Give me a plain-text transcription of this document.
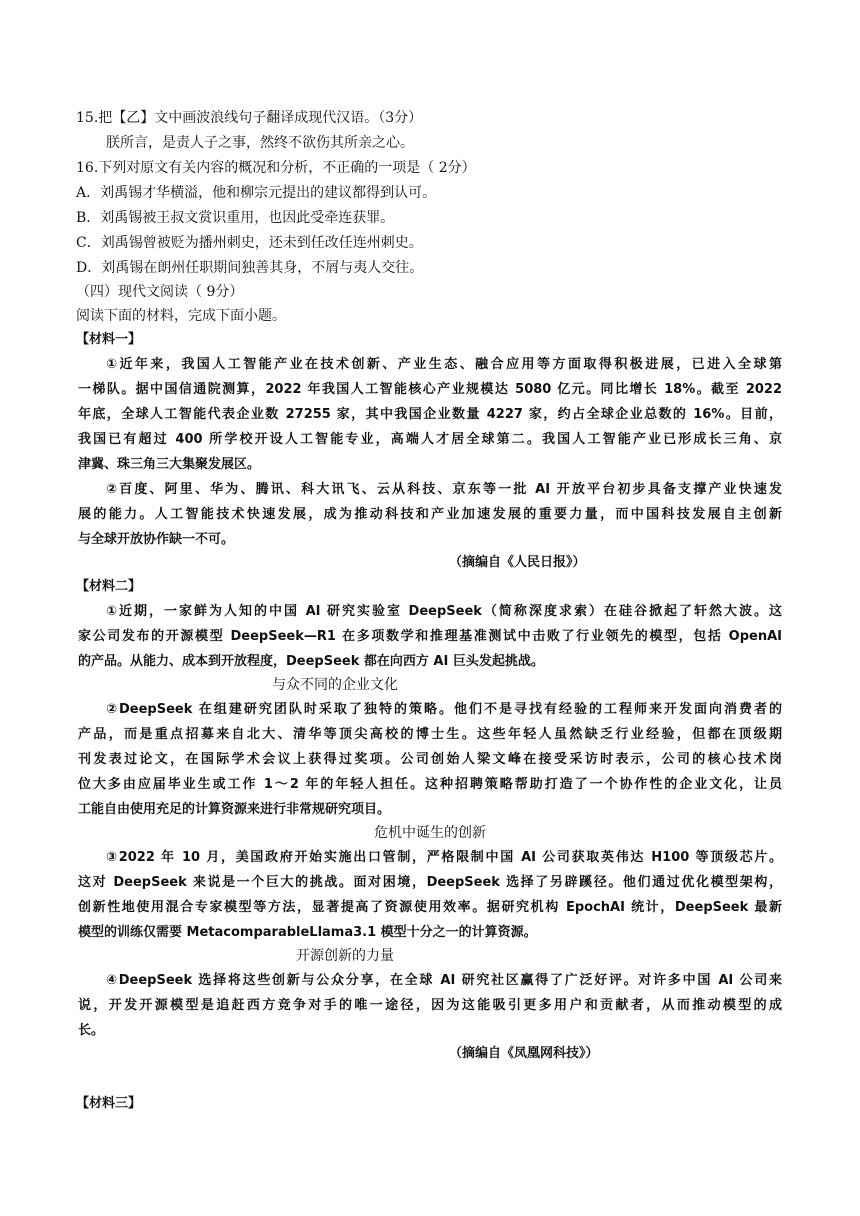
15.把【乙】文中画波浪线句子翻译成现代汉语。（3分）
朕所言，是责人子之事，然终不欲伤其所亲之心。
16.下列对原文有关内容的概况和分析，不正确的一项是（ 2分）
A．刘禹锡才华横溢，他和柳宗元提出的建议都得到认可。
B．刘禹锡被王叔文赏识重用，也因此受牵连获罪。
C．刘禹锡曾被贬为播州刺史，还未到任改任连州刺史。
D．刘禹锡在朗州任职期间独善其身，不屑与夷人交往。
（四）现代文阅读（ 9分）
阅读下面的材料，完成下面小题。
【材料一】
①近年来，我国人工智能产业在技术创新、产业生态、融合应用等方面取得积极进展，已进入全球第
一梯队。据中国信通院测算，2022 年我国人工智能核心产业规模达 5080 亿元。同比增长 18%。截至 2022
年底，全球人工智能代表企业数 27255 家，其中我国企业数量 4227 家，约占全球企业总数的 16%。目前，
我国已有超过 400 所学校开设人工智能专业，高端人才居全球第二。我国人工智能产业已形成长三角、京
津冀、珠三角三大集聚发展区。
②百度、阿里、华为、腾讯、科大讯飞、云从科技、京东等一批 AI 开放平台初步具备支撑产业快速发
展的能力。人工智能技术快速发展，成为推动科技和产业加速发展的重要力量，而中国科技发展自主创新
与全球开放协作缺一不可。
（摘编自《人民日报》）
【材料二】
①近期，一家鲜为人知的中国 AI 研究实验室 DeepSeek（简称深度求索）在硅谷掀起了轩然大波。这
家公司发布的开源模型 DeepSeek—R1 在多项数学和推理基准测试中击败了行业领先的模型，包括 OpenAI
的产品。从能力、成本到开放程度，DeepSeek 都在向西方 AI 巨头发起挑战。
与众不同的企业文化
②DeepSeek 在组建研究团队时采取了独特的策略。他们不是寻找有经验的工程师来开发面向消费者的
产品，而是重点招募来自北大、清华等顶尖高校的博士生。这些年轻人虽然缺乏行业经验，但都在顶级期
刊发表过论文，在国际学术会议上获得过奖项。公司创始人梁文峰在接受采访时表示，公司的核心技术岗
位大多由应届毕业生或工作 1～2 年的年轻人担任。这种招聘策略帮助打造了一个协作性的企业文化，让员
工能自由使用充足的计算资源来进行非常规研究项目。
危机中诞生的创新
③2022 年 10 月，美国政府开始实施出口管制，严格限制中国 AI 公司获取英伟达 H100 等顶级芯片。
这对 DeepSeek 来说是一个巨大的挑战。面对困境，DeepSeek 选择了另辟蹊径。他们通过优化模型架构，
创新性地使用混合专家模型等方法，显著提高了资源使用效率。据研究机构 EpochAI 统计，DeepSeek 最新
模型的训练仅需要 MetacomparableLlama3.1 模型十分之一的计算资源。
开源创新的力量
④DeepSeek 选择将这些创新与公众分享，在全球 AI 研究社区赢得了广泛好评。对许多中国 AI 公司来
说，开发开源模型是追赶西方竞争对手的唯一途径，因为这能吸引更多用户和贡献者，从而推动模型的成
长。
（摘编自《凤凰网科技》）
【材料三】
